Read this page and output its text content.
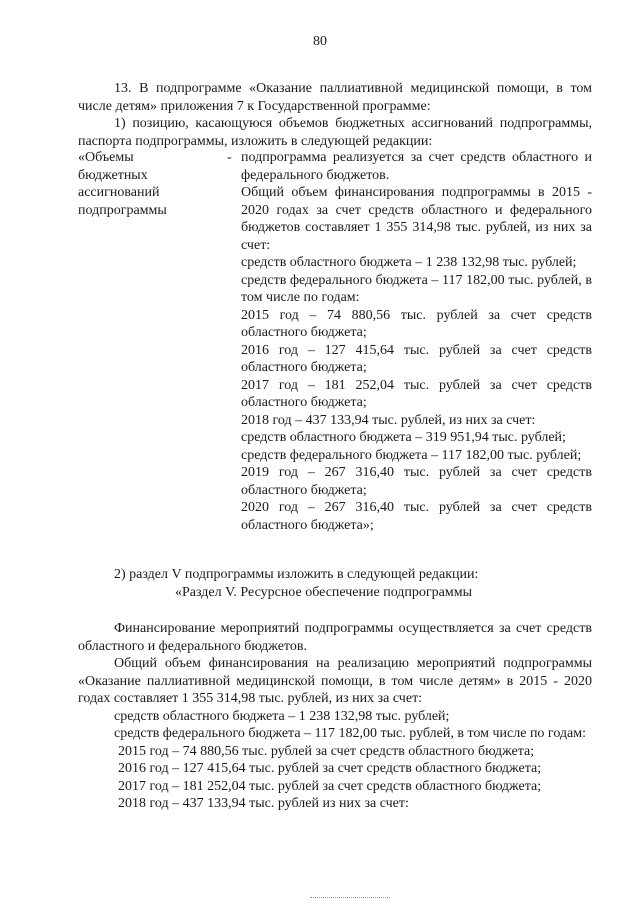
80

13. В подпрограмме «Оказание паллиативной медицинской помощи, в том числе детям» приложения 7 к Государственной программе:

1) позицию, касающуюся объемов бюджетных ассигнований подпрограммы, паспорта подпрограммы, изложить в следующей редакции:

«Объемы
бюджетных
ассигнований
подпрограммы
- подпрограмма реализуется за счет средств областного и федерального бюджетов.

Общий объем финансирования подпрограммы в 2015 - 2020 годах за счет средств областного и федерального бюджетов составляет 1 355 314,98 тыс. рублей, из них за счет:

средств областного бюджета – 1 238 132,98 тыс. рублей;

средств федерального бюджета – 117 182,00 тыс. рублей, в том числе по годам:

2015 год – 74 880,56 тыс. рублей за счет средств областного бюджета;

2016 год – 127 415,64 тыс. рублей за счет средств областного бюджета;

2017 год – 181 252,04 тыс. рублей за счет средств областного бюджета;

2018 год – 437 133,94 тыс. рублей, из них за счет:

средств областного бюджета – 319 951,94 тыс. рублей;

средств федерального бюджета – 117 182,00 тыс. рублей;

2019 год – 267 316,40 тыс. рублей за счет средств областного бюджета;

2020 год – 267 316,40 тыс. рублей за счет средств областного бюджета»;

2) раздел V подпрограммы изложить в следующей редакции:

«Раздел V. Ресурсное обеспечение подпрограммы

Финансирование мероприятий подпрограммы осуществляется за счет средств областного и федерального бюджетов.

Общий объем финансирования на реализацию мероприятий подпрограммы «Оказание паллиативной медицинской помощи, в том числе детям» в 2015 - 2020 годах составляет 1 355 314,98 тыс. рублей, из них за счет:

средств областного бюджета – 1 238 132,98 тыс. рублей;

средств федерального бюджета – 117 182,00 тыс. рублей, в том числе по годам:

2015 год – 74 880,56 тыс. рублей за счет средств областного бюджета;

2016 год – 127 415,64 тыс. рублей за счет средств областного бюджета;

2017 год – 181 252,04 тыс. рублей за счет средств областного бюджета;

2018 год – 437 133,94 тыс. рублей из них за счет:
